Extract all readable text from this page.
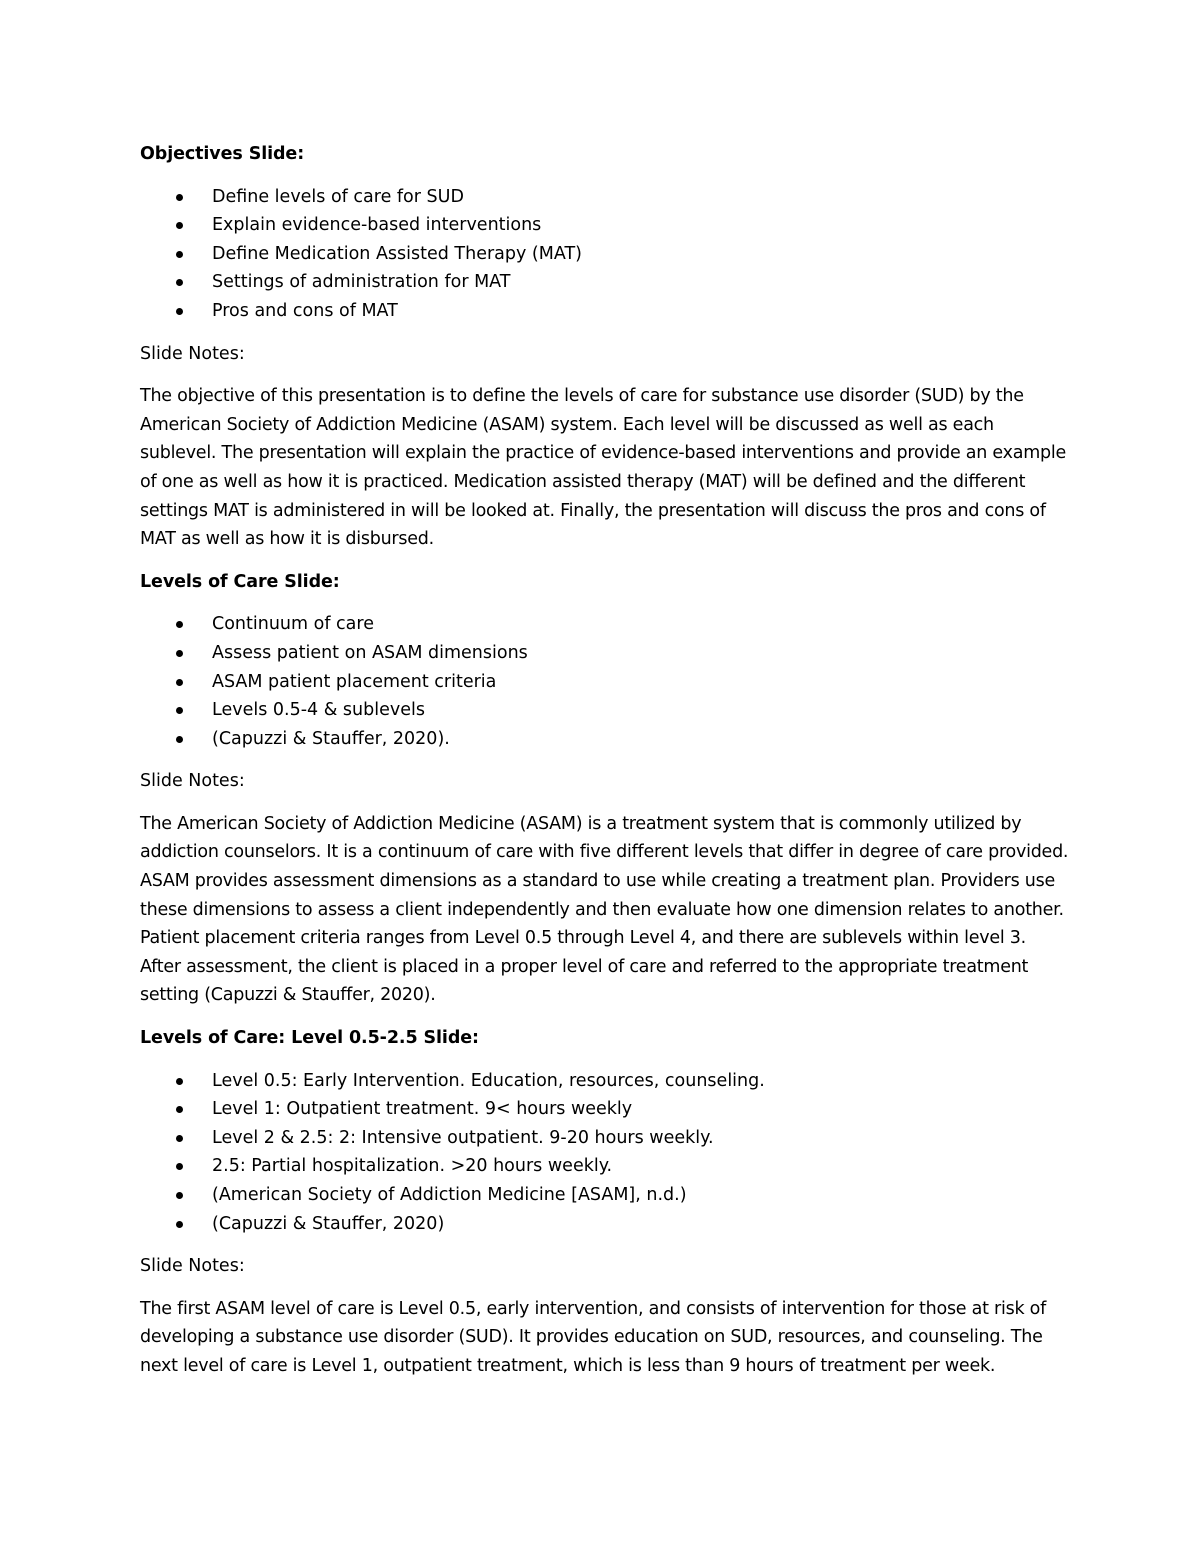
Objectives Slide:
Define levels of care for SUD
Explain evidence-based interventions
Define Medication Assisted Therapy (MAT)
Settings of administration for MAT
Pros and cons of MAT
Slide Notes:

The objective of this presentation is to define the levels of care for substance use disorder (SUD) by the American Society of Addiction Medicine (ASAM) system. Each level will be discussed as well as each sublevel. The presentation will explain the practice of evidence-based interventions and provide an example of one as well as how it is practiced. Medication assisted therapy (MAT) will be defined and the different settings MAT is administered in will be looked at. Finally, the presentation will discuss the pros and cons of MAT as well as how it is disbursed.

Levels of Care Slide:
Continuum of care
Assess patient on ASAM dimensions
ASAM patient placement criteria
Levels 0.5-4 & sublevels
(Capuzzi & Stauffer, 2020).
Slide Notes:

The American Society of Addiction Medicine (ASAM) is a treatment system that is commonly utilized by addiction counselors. It is a continuum of care with five different levels that differ in degree of care provided. ASAM provides assessment dimensions as a standard to use while creating a treatment plan. Providers use these dimensions to assess a client independently and then evaluate how one dimension relates to another. Patient placement criteria ranges from Level 0.5 through Level 4, and there are sublevels within level 3. After assessment, the client is placed in a proper level of care and referred to the appropriate treatment setting (Capuzzi & Stauffer, 2020).

Levels of Care: Level 0.5-2.5 Slide:
Level 0.5: Early Intervention. Education, resources, counseling.
Level 1: Outpatient treatment. 9< hours weekly
Level 2 & 2.5: 2: Intensive outpatient. 9-20 hours weekly.
2.5: Partial hospitalization. >20 hours weekly.
(American Society of Addiction Medicine [ASAM], n.d.)
(Capuzzi & Stauffer, 2020)
Slide Notes:

The first ASAM level of care is Level 0.5, early intervention, and consists of intervention for those at risk of developing a substance use disorder (SUD). It provides education on SUD, resources, and counseling. The next level of care is Level 1, outpatient treatment, which is less than 9 hours of treatment per week.
